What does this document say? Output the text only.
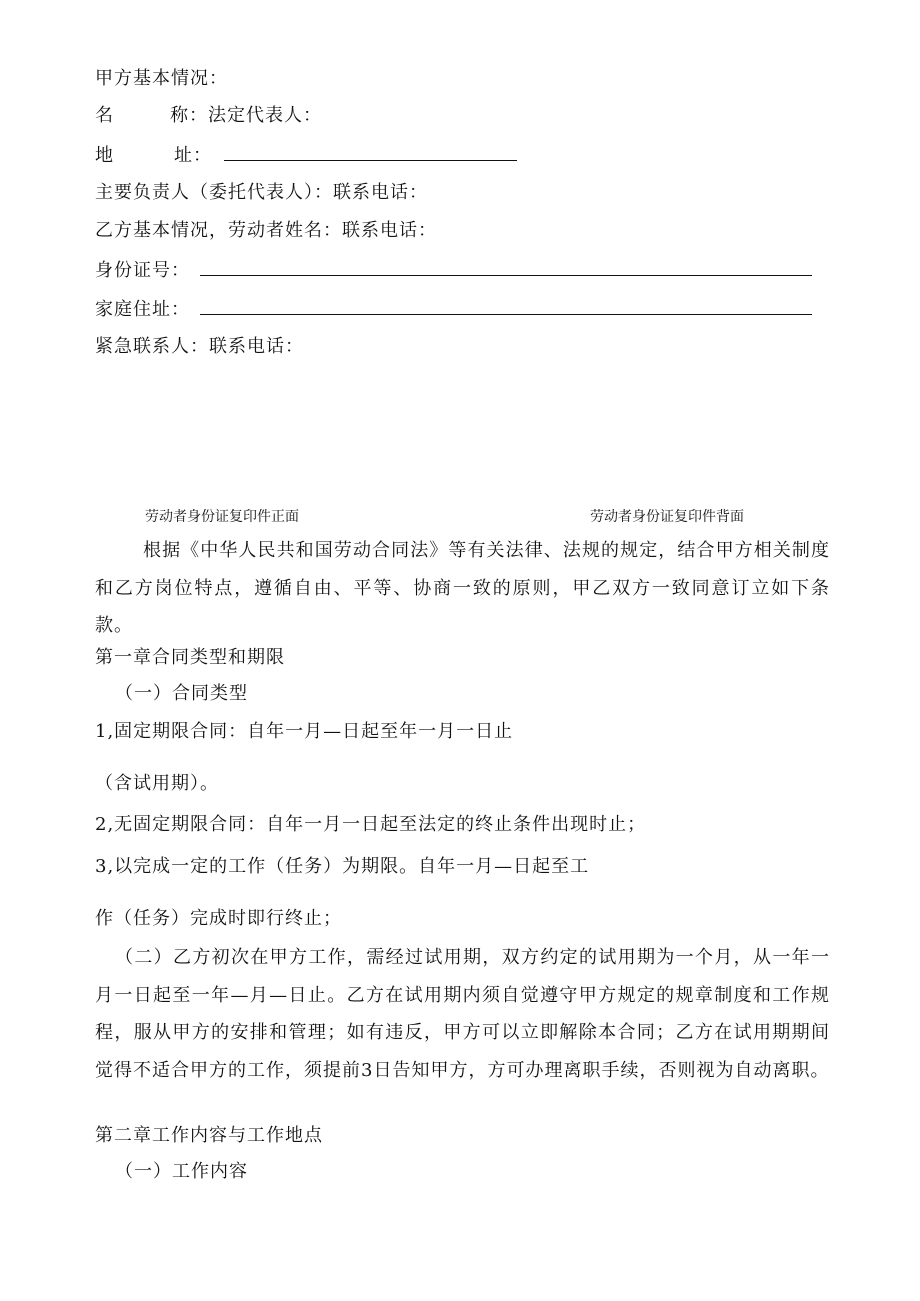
甲方基本情况：
名	称：法定代表人：
地	址：
主要负责人（委托代表人）：联系电话：
乙方基本情况，劳动者姓名：联系电话：
身份证号：
家庭住址：
紧急联系人：联系电话：
劳动者身份证复印件正面	劳动者身份证复印件背面
根据《中华人民共和国劳动合同法》等有关法律、法规的规定，结合甲方相关制度和乙方岗位特点，遵循自由、平等、协商一致的原则，甲乙双方一致同意订立如下条款。
第一章合同类型和期限
（一）合同类型
1,固定期限合同：自年一月—日起至年一月一日止
（含试用期）。
2,无固定期限合同：自年一月一日起至法定的终止条件出现时止；
3,以完成一定的工作（任务）为期限。自年一月—日起至工
作（任务）完成时即行终止；
（二）乙方初次在甲方工作，需经过试用期，双方约定的试用期为一个月，从一年一月一日起至一年—月—日止。乙方在试用期内须自觉遵守甲方规定的规章制度和工作规程，服从甲方的安排和管理；如有违反，甲方可以立即解除本合同；乙方在试用期期间觉得不适合甲方的工作，须提前3日告知甲方，方可办理离职手续，否则视为自动离职。
第二章工作内容与工作地点
（一）工作内容
